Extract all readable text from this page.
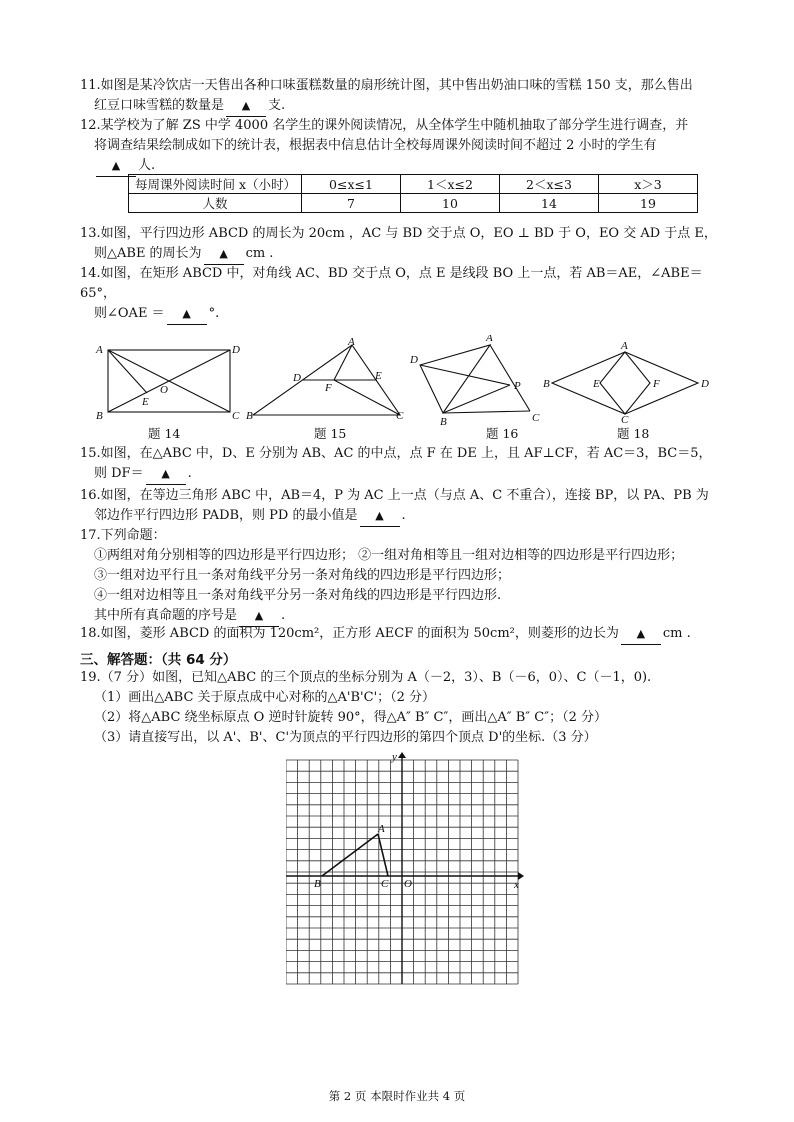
11.如图是某冷饮店一天售出各种口味蛋糕数量的扇形统计图，其中售出奶油口味的雪糕 150 支，那么售出
红豆口味雪糕的数量是 ▲ 支.
12.某学校为了解 ZS 中学 4000 名学生的课外阅读情况，从全体学生中随机抽取了部分学生进行调查，并
将调查结果绘制成如下的统计表，根据表中信息估计全校每周课外阅读时间不超过 2 小时的学生有
▲ 人.
每周课外阅读时间 x（小时）	0≤x≤1	1＜x≤2	2＜x≤3	x＞3
人数	7	10	14	19
13.如图，平行四边形 ABCD 的周长为 20cm ，AC 与 BD 交于点 O，EO ⊥ BD 于 O，EO 交 AD 于点 E，
则△ABE 的周长为 ▲ cm .
14.如图，在矩形 ABCD 中，对角线 AC、BD 交于点 O，点 E 是线段 BO 上一点，若 AB＝AE，∠ABE＝65°，
则∠OAE ＝ ▲ °.
A	D
B	C
O
E
A
D
F
E
B	C
A
D
P
B	C
A
B	E	F	D
C
题 14	题 15	题 16	题 18
15.如图，在△ABC 中，D、E 分别为 AB、AC 的中点，点 F 在 DE 上，且 AF⊥CF，若 AC＝3，BC＝5，
则 DF＝ ▲ .
16.如图，在等边三角形 ABC 中，AB＝4，P 为 AC 上一点（与点 A、C 不重合），连接 BP，以 PA、PB 为
邻边作平行四边形 PADB，则 PD 的最小值是 ▲ .
17.下列命题：
①两组对角分别相等的四边形是平行四边形； ②一组对角相等且一组对边相等的四边形是平行四边形；
③一组对边平行且一条对角线平分另一条对角线的四边形是平行四边形；
④一组对边相等且一条对角线平分另一条对角线的四边形是平行四边形.
其中所有真命题的序号是 ▲ .
18.如图，菱形 ABCD 的面积为 120cm²，正方形 AECF 的面积为 50cm²，则菱形的边长为 ▲ cm .
三、解答题：（共 64 分）
19.（7 分）如图，已知△ABC 的三个顶点的坐标分别为 A（－2，3）、B（－6，0）、C（－1，0).
（1）画出△ABC 关于原点成中心对称的△A'B'C'；（2 分）
（2）将△ABC 绕坐标原点 O 逆时针旋转 90°，得△A″ B″ C″，画出△A″ B″ C″；（2 分）
（3）请直接写出，以 A'、B'、C'为顶点的平行四边形的第四个顶点 D'的坐标.（3 分）
A
B	C O	x
y
第 2 页 本限时作业共 4 页
